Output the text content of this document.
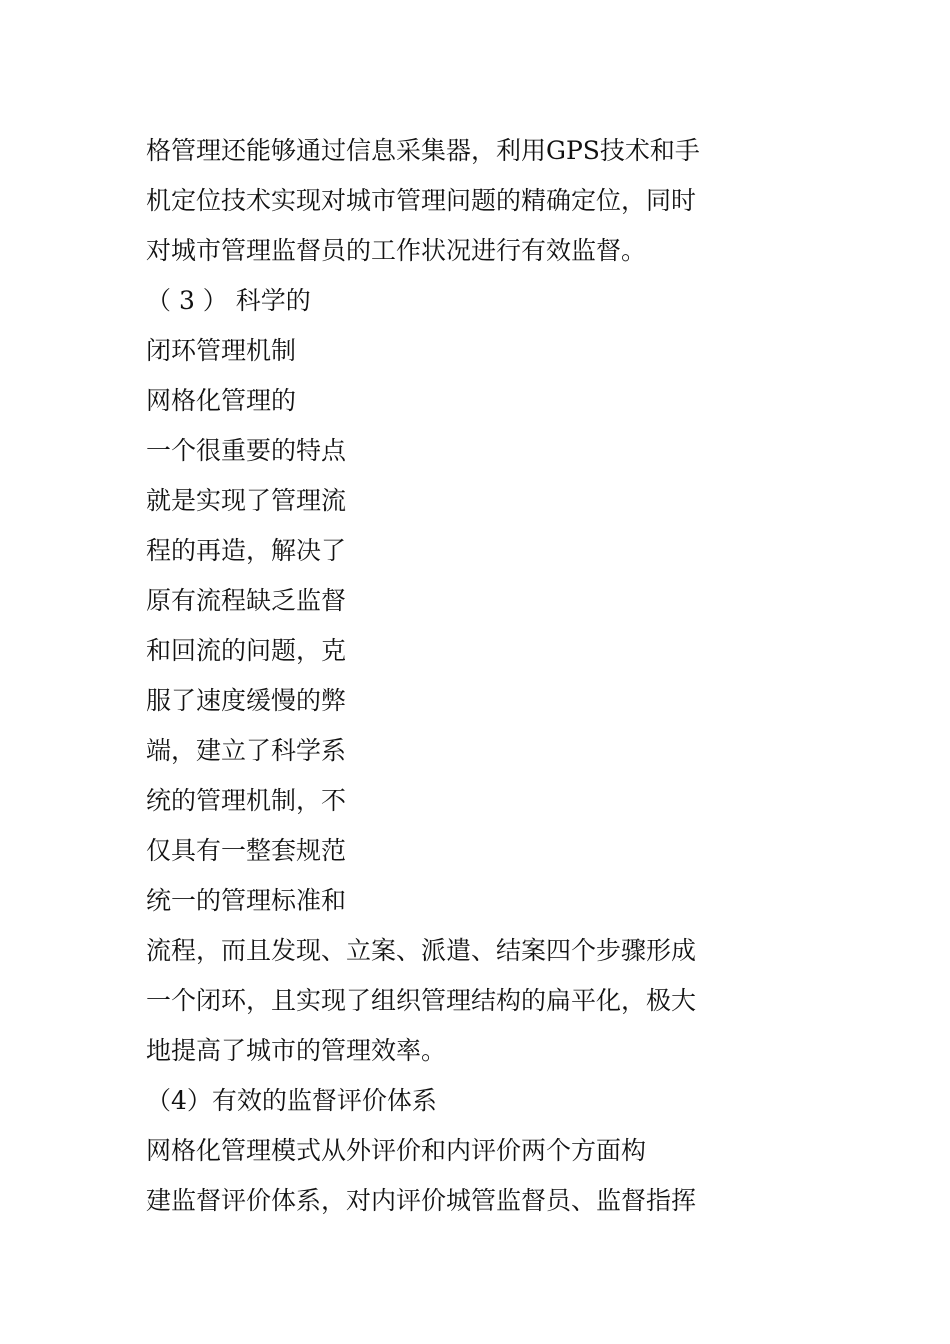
格管理还能够通过信息采集器，利用GPS技术和手
机定位技术实现对城市管理问题的精确定位，同时
对城市管理监督员的工作状况进行有效监督。
（ 3 ） 科学的
闭环管理机制
网格化管理的
一个很重要的特点
就是实现了管理流
程的再造，解决了
原有流程缺乏监督
和回流的问题，克
服了速度缓慢的弊
端，建立了科学系
统的管理机制，不
仅具有一整套规范
统一的管理标准和
流程，而且发现、立案、派遣、结案四个步骤形成
一个闭环，且实现了组织管理结构的扁平化，极大
地提高了城市的管理效率。
（4）有效的监督评价体系
网格化管理模式从外评价和内评价两个方面构
建监督评价体系，对内评价城管监督员、监督指挥
